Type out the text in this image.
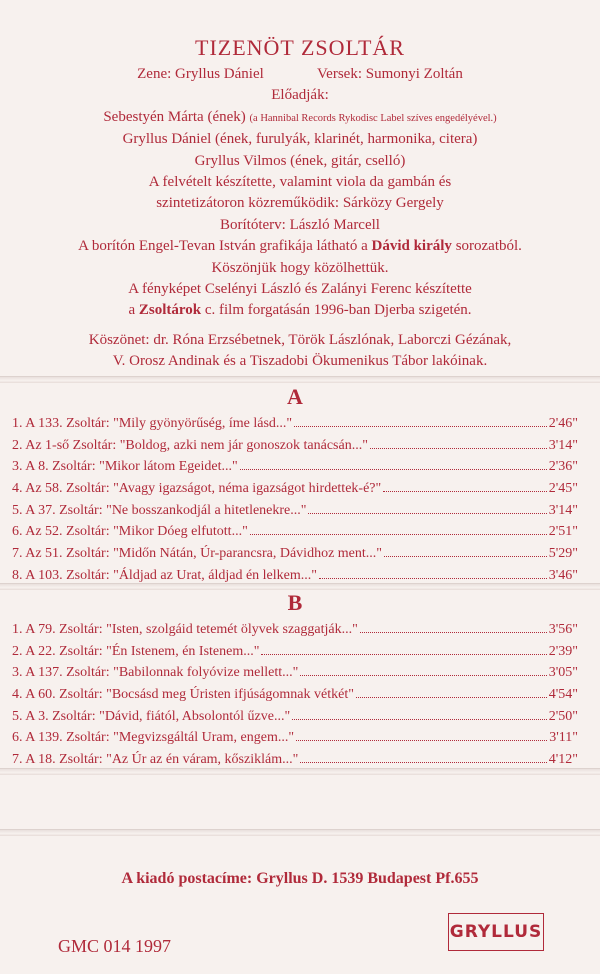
TIZENÖT ZSOLTÁR
Zene: Gryllus Dániel	Versek: Sumonyi Zoltán
Előadják:
Sebestyén Márta (ének) (a Hannibal Records Rykodisc Label szíves engedélyével.)
Gryllus Dániel (ének, furulyák, klarinét, harmonika, citera)
Gryllus Vilmos (ének, gitár, cselló)
A felvételt készítette, valamint viola da gambán és
szintetizátoron közreműködik: Sárközy Gergely
Borítóterv: László Marcell
A borítón Engel-Tevan István grafikája látható a Dávid király sorozatból.
Köszönjük hogy közölhettük.
A fényképet Cselényi László és Zalányi Ferenc készítette
a Zsoltárok c. film forgatásán 1996-ban Djerba szigetén.
Köszönet: dr. Róna Erzsébetnek, Török Lászlónak, Laborczi Gézának,
V. Orosz Andinak és a Tiszadobi Ökumenikus Tábor lakóinak.
A
1. A 133. Zsoltár: "Mily gyönyörűség, íme lásd..."	2'46"
2. Az 1-ső Zsoltár: "Boldog, azki nem jár gonoszok tanácsán..."	3'14"
3. A 8. Zsoltár: "Mikor látom Egeidet..."	2'36"
4. Az 58. Zsoltár: "Avagy igazságot, néma igazságot hirdettek-é?"	2'45"
5. A 37. Zsoltár: "Ne bosszankodjál a hitetlenekre..."	3'14"
6. Az 52. Zsoltár: "Mikor Dóeg elfutott..."	2'51"
7. Az 51. Zsoltár: "Midőn Nátán, Úr-parancsra, Dávidhoz ment..."	5'29"
8. A 103. Zsoltár: "Áldjad az Urat, áldjad én lelkem..."	3'46"
B
1. A 79. Zsoltár: "Isten, szolgáid tetemét ölyvek szaggatják..."	3'56"
2. A 22. Zsoltár: "Én Istenem, én Istenem..."	2'39"
3. A 137. Zsoltár: "Babilonnak folyóvize mellett..."	3'05"
4. A 60. Zsoltár: "Bocsásd meg Úristen ifjúságomnak vétkét"	4'54"
5. A 3. Zsoltár: "Dávid, fiától, Absolontól űzve..."	2'50"
6. A 139. Zsoltár: "Megvizsgáltál Uram, engem..."	3'11"
7. A 18. Zsoltár: "Az Úr az én váram, kősziklám..."	4'12"
A kiadó postacíme: Gryllus D. 1539 Budapest Pf.655
GMC 014 1997
GRYLLUS
